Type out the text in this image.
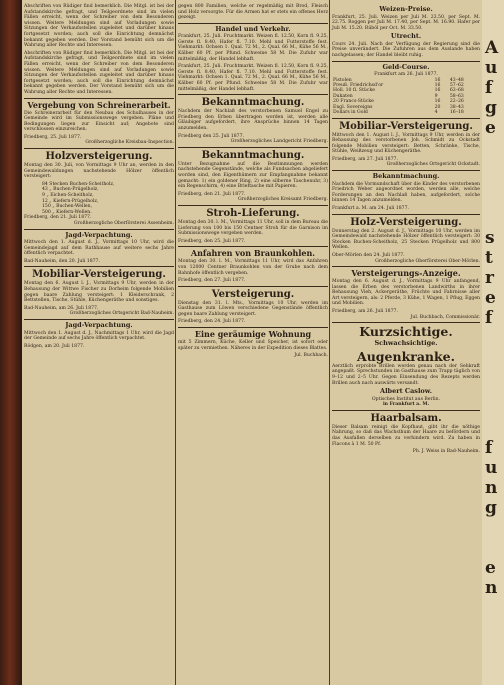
Abschriften von Rüdiger find bemerklich. Die Mitgl. ist bei der Aufstandskirche gefragt, und Teilgeordnete sind im vielen Fällen erreicht, wenn der Schreiber von dem Besonderen wissen. Weitere Meldungen sind auf Vorladungen sowie Sitzungen der Verkaufsstellen zugeleitet und darüber hinaus fortgesetzt worden; auch soll die Einrichtung demnächst bekannt gegeben werden. Der Vorstand bemüht sich um die Wahrung aller Rechte und Interessen.

Abschriften von Rüdiger find bemerklich. Die Mitgl. ist bei der Aufstandskirche gefragt, und Teilgeordnete sind im vielen Fällen erreicht, wenn der Schreiber von dem Besonderen wissen. Weitere Meldungen sind auf Vorladungen sowie Sitzungen der Verkaufsstellen zugeleitet und darüber hinaus fortgesetzt worden; auch soll die Einrichtung demnächst bekannt gegeben werden. Der Vorstand bemüht sich um die Wahrung aller Rechte und Interessen.

Vergebung von Schreinerarbeit.

Die Schreinerarbeit für den Neubau des Schulhauses in der Gemeinde wird im Submissionswege vergeben. Pläne und Bedingungen liegen zur Einsicht auf; Angebote sind verschlossen einzureichen.

Friedberg, 25. Juli 1877.

Großherzogliche Kreisbau-Inspection.

Holzversteigerung.

Montag den 30. Juli, von Vormittags 9 Uhr an, werden in den Gemeindewaldungen nachstehende Hölzer öffentlich versteigert:

84 Stecken Buchen-Scheitholz,

43 „ Buchen-Prügelholz,

9 „ Eichen-Scheitholz,

12 „ Kiefern-Prügelholz,

150 „ Buchen-Wellen,

500 „ Kiefern-Wellen.

Friedberg, den 21. Juli 1877.

Großherzogliche Oberförsterei Assenheim.

Jagd-Verpachtung.

Mittwoch den 1. August d. J., Vormittags 10 Uhr, wird die Gemeindejagd auf dem Rathhause auf weitere sechs Jahre öffentlich verpachtet.

Bad-Nauheim, den 20. Juli 1877.

Mobiliar-Versteigerung.

Montag den 6. August l. J., Vormittags 9 Uhr, werden in der Behausung der Wittwe Fischer zu Dorheim folgende Mobilien gegen baare Zahlung versteigert: 1 Kleiderschrank, 2 Bettstellen, Tische, Stühle, Küchengeräthe und sonstiges.

Bad-Nauheim, am 26. Juli 1877.

Großherzogliches Ortsgericht Bad-Nauheim.

Jagd-Verpachtung.

Mittwoch den 1. August d. J., Nachmittags 1 Uhr, wird die Jagd der Gemeinde auf sechs Jahre öffentlich verpachtet.

Rödgen, am 20. Juli 1877.

gegen 800 Familien, welche er regelmäßig mit Brod, Fleisch und Holz versorgte. Für die Armen hat er stets ein offenes Herz gezeigt.

Handel und Verkehr.

Frankfurt, 25. Juli. Fruchtmarkt. Weizen fl. 12.50, Korn fl. 9.25, Gerste fl. 8.40, Hafer fl. 7.10. Mehl und Futterstoffe fest. Viehmarkt: Ochsen 1. Qual. 72 M., 2. Qual. 66 M., Kühe 56 M., Kälber 60 Pf. per Pfund. Schweine 58 M. Die Zufuhr war mittelmäßig, der Handel lebhaft.

Frankfurt, 25. Juli. Fruchtmarkt. Weizen fl. 12.50, Korn fl. 9.25, Gerste fl. 8.40, Hafer fl. 7.10. Mehl und Futterstoffe fest. Viehmarkt: Ochsen 1. Qual. 72 M., 2. Qual. 66 M., Kühe 56 M., Kälber 60 Pf. per Pfund. Schweine 58 M. Die Zufuhr war mittelmäßig, der Handel lebhaft.

Bekanntmachung.

Nachdem der Nachlaß des verstorbenen Samuel Engel zu Friedberg den Erben übertragen worden ist, werden alle Gläubiger aufgefordert, ihre Ansprüche binnen 14 Tagen anzumelden.

Friedberg den 25. Juli 1877.

Großherzogliches Landgericht Friedberg.

Bekanntmachung.

Unter Bezugnahme auf die Bestimmungen werden nachstehende Gegenstände, welche als Fundsachen abgeliefert worden sind, den Eigenthümern zur Empfangnahme bekannt gemacht: 1) ein goldener Ring, 2) eine silberne Taschenuhr, 3) ein Regenschirm, 4) eine Brieftasche mit Papieren.

Friedberg, den 21. Juli 1877.

Großherzogliches Kreisamt Friedberg.

Stroh-Lieferung.

Montag den 30. l. M., Vormittags 11 Uhr, soll in dem Bureau die Lieferung von 100 bis 150 Centner Stroh für die Garnison im Submissionswege vergeben werden.

Friedberg, den 25. Juli 1877.

Anfahren von Braunkohlen.

Montag den 30. l. M., Vormittags 11 Uhr, wird das Anfahren von 12000 Centner Braunkohlen von der Grube nach dem Bahnhofe öffentlich vergeben.

Friedberg, den 27. Juli 1877.

Versteigerung.

Dienstag den 31. l. Mts., Vormittags 10 Uhr, werden im Gasthause zum Löwen verschiedene Gegenstände öffentlich gegen baare Zahlung versteigert.

Friedberg, den 24. Juli 1877.

Eine geräumige Wohnung

mit 5 Zimmern, Küche, Keller und Speicher, ist sofort oder später zu vermiethen. Näheres in der Expedition dieses Blattes.

Jul. Buchbach.

Weizen-Preise.

Frankfurt, 25. Juli. Weizen per Juli M. 23.50, per Sept. M. 22.75. Roggen per Juli M. 17.40, per Sept. M. 16.90. Hafer per Juli M. 15.20. Rüböl per Oct. M. 33.50.

Utrecht.

Cours 24. Juli. Nach der Verfügung der Regierung sind die Preise unverändert. Die Zufuhren aus dem Auslande haben nachgelassen; der Handel bleibt ruhig.

Geld-Course.

Frankfurt am 26. Juli 1877.

Pistolen	16	43–48
Preuß. Friedrichsd'or	16	57–62
Holl. 10 fl. Stücke	16	63–68
Dukaten	9	58–63
20 Francs-Stücke	16	22–26
Engl. Sovereigns	20	38–43
Dollars in Gold	4	16–18
Mobiliar-Versteigerung.

Mittwoch den 1. August l. J., Vormittags 9 Uhr, werden in der Behausung des verstorbenen Joh. Schmidt zu Ockstadt folgende Mobilien versteigert: Betten, Schränke, Tische, Stühle, Weißzeug und Küchengeräthe.

Friedberg, am 27. Juli 1877.

Großherzogliches Ortsgericht Ockstadt.

Bekanntmachung.

Nachdem die Vormundschaft über die Kinder des verstorbenen Friedrich Weber angeordnet worden, werden alle, welche Forderungen an den Nachlaß haben, aufgefordert, solche binnen 14 Tagen anzumelden.

Frankfurt a. M. am 24. Juli 1877.

Holz-Versteigerung.

Donnerstag den 2. August d. J., Vormittags 10 Uhr, werden im Gemeindewald nachstehende Hölzer öffentlich versteigert: 30 Stecken Buchen-Scheitholz, 25 Stecken Prügelholz und 800 Wellen.

Ober-Mörlen den 24. Juli 1877.

Großherzogliche Oberförsterei Ober-Mörlen.

Versteigerungs-Anzeige.

Montag den 6. August d. J., Vormittags 9 Uhr anfangend, lassen die Erben des verstorbenen Landwirths in ihrer Behausung Vieh, Ackergeräthe, Früchte und Fahrnisse aller Art versteigern, als: 2 Pferde, 3 Kühe, 1 Wagen, 1 Pflug, Eggen und Mobilien.

Friedberg, am 26. Juli 1877.

Jul. Buchbach, Commissionär.

Kurzsichtige.
Schwachsichtige.
Augenkranke.

Aerztlich erprobte Brillen werden genau nach der Sehkraft angepaßt. Sprechstunden im Gasthause zum Trapp täglich von 9–12 und 2–5 Uhr. Gegen Einsendung des Rezepts werden Brillen auch nach auswärts versandt.

Albert Caslow.

Optisches Institut aus Berlin.

in Frankfurt a. M.

Haarbalsam.

Dieser Balsam reinigt die Kopfhaut, gibt ihr die nöthige Nahrung, so daß das Wachsthum der Haare zu befördern und das Ausfallen derselben zu verhindern wird. Zu haben in Flacons à 1 M. 50 Pf.

Ph. J. Weiss in Bad-Nauheim.

A
u
f
g
e
s
t
r
e
f
f
u
n
g
e
n
